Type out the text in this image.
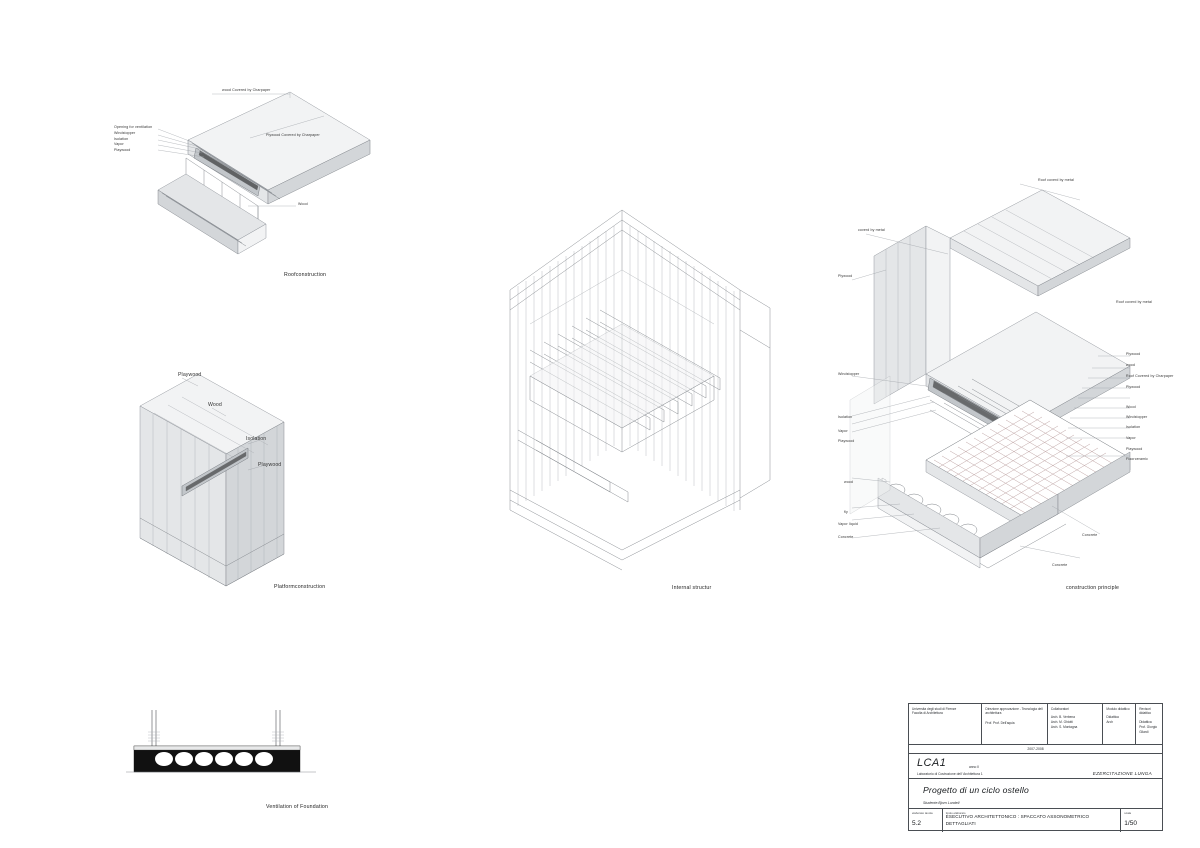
wood Covered by Charpaper
Opening for ventilation
Windstopper
Isolation
Vapor
Playwood
Plywood Covered by Charpaper
Wood
Roofconstruction
Playwood
Wood
Isolation
Playwood
Platformconstruction
Ventilation of Foundation
Internal structur
Roof coverd by metal
coverd by metal
Plywood
Roof coverd by metal
Plywood
wood
Roof Covered by Charpaper
Plywood
Windstopper
Wood
Windstopper
Isolation
Isolation
Vapor
Vapor
Playwood
Playwood
Floorceramic
wood
fly
Vapor liquid
Concrete	Concrete
Concrete
construction principle
Universita degli studi di Firenze
Facolta di Architettura
Direzione approvazione - Tecnologia dell architettura
Prof. Prof. Dell'aquia
Collaboratori
Arch. B. Verbena
Arch. M. Ghiotti
Arch. S. Montagna
Modulo didattico
Didattica
Arch
Revisori didattico
Didattica
Prof. Giorgio Gilardi
2007-2008
LCA1
Laboratorio di Costruzione dell' Architettura 1
anno II
EZERCITAZIONE LUNGA
Progetto di un ciclo ostello
Studente:Bjorn Lundell
elaborato tavola
5.2
tipolo elaborato
ESECUTIVO ARCHITETTONICO : SPACCATO ASSONOMETRICO DETTAGLIATI
scala
1/50
